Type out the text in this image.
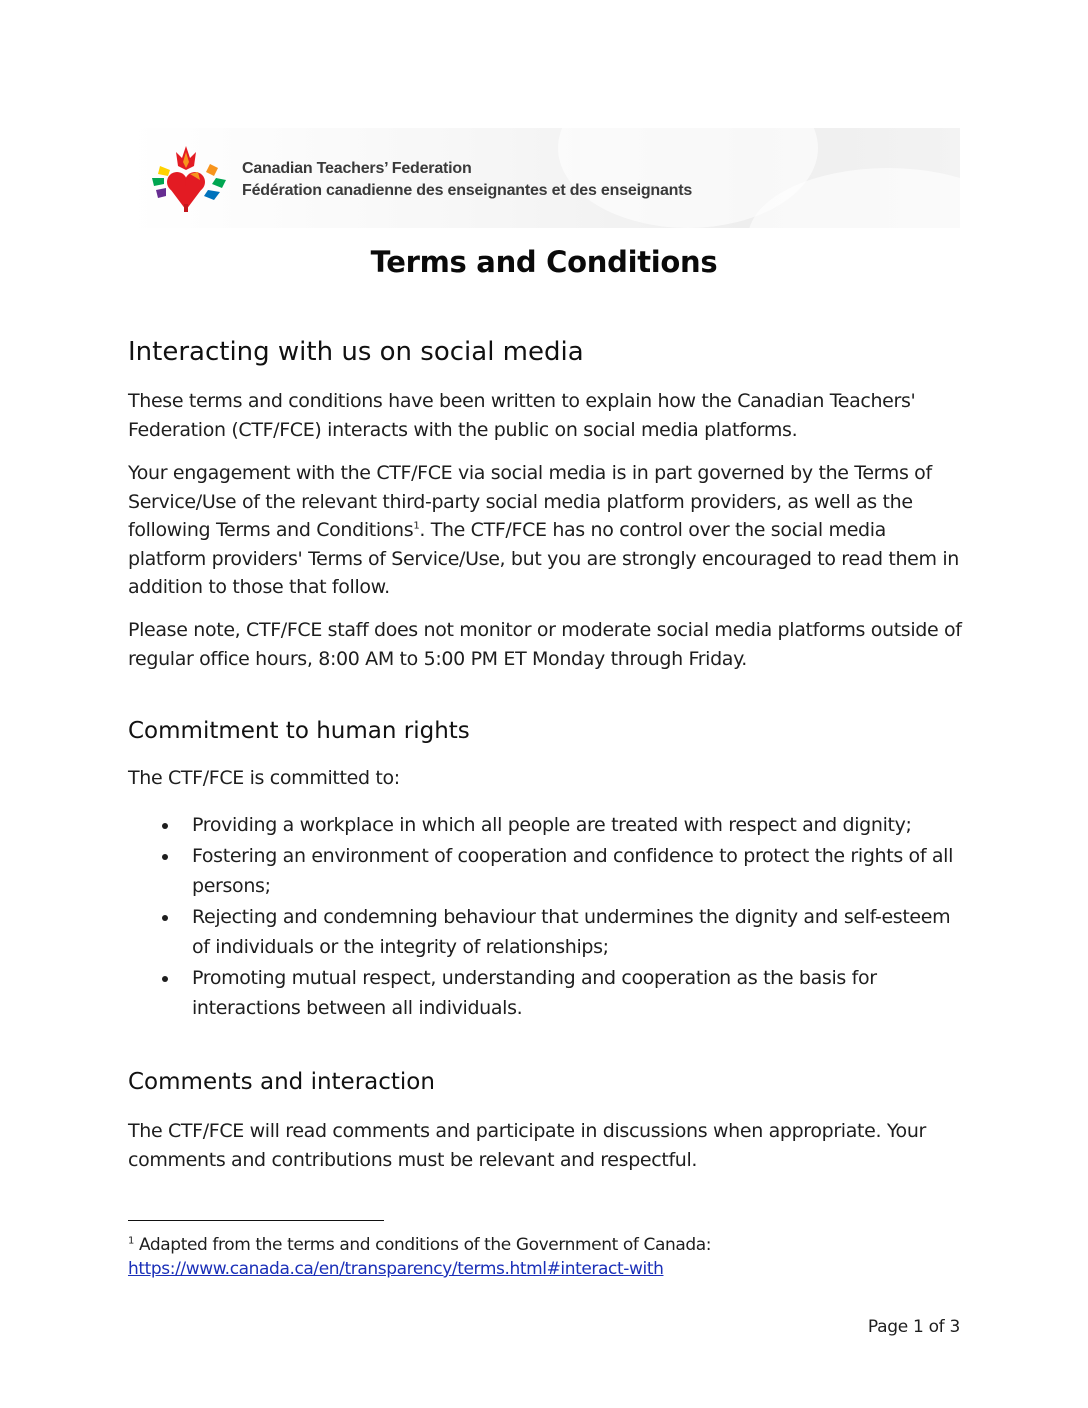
Canadian Teachers’ Federation
Fédération canadienne des enseignantes et des enseignants
Terms and Conditions
Interacting with us on social media

These terms and conditions have been written to explain how the Canadian Teachers' Federation (CTF/FCE) interacts with the public on social media platforms.

Your engagement with the CTF/FCE via social media is in part governed by the Terms of Service/Use of the relevant third-party social media platform providers, as well as the following Terms and Conditions$^1$. The CTF/FCE has no control over the social media platform providers' Terms of Service/Use, but you are strongly encouraged to read them in addition to those that follow.

Please note, CTF/FCE staff does not monitor or moderate social media platforms outside of regular office hours, 8:00 AM to 5:00 PM ET Monday through Friday.

Commitment to human rights

The CTF/FCE is committed to:

Providing a workplace in which all people are treated with respect and dignity;
Fostering an environment of cooperation and confidence to protect the rights of all persons;
Rejecting and condemning behaviour that undermines the dignity and self-esteem of individuals or the integrity of relationships;
Promoting mutual respect, understanding and cooperation as the basis for interactions between all individuals.
Comments and interaction

The CTF/FCE will read comments and participate in discussions when appropriate. Your comments and contributions must be relevant and respectful.

$^1$ Adapted from the terms and conditions of the Government of Canada:
https://www.canada.ca/en/transparency/terms.html#interact-with
Page 1 of 3
